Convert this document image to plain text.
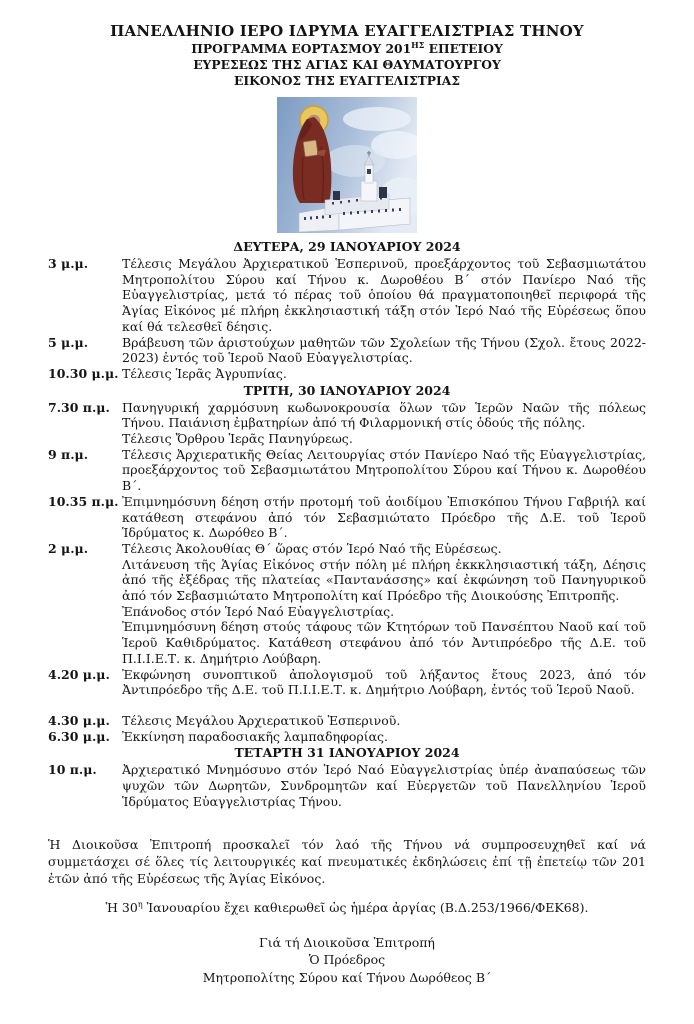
ΠΑΝΕΛΛΗΝΙΟ ΙΕΡΟ ΙΔΡΥΜΑ ΕΥΑΓΓΕΛΙΣΤΡΙΑΣ ΤΗΝΟΥ
ΠΡΟΓΡΑΜΜΑ ΕΟΡΤΑΣΜΟΥ $201^{H\Sigma}$ ΕΠΕΤΕΙΟΥ
ΕΥΡΕΣΕΩΣ ΤΗΣ ΑΓΙΑΣ ΚΑΙ ΘΑΥΜΑΤΟΥΡΓΟΥ
ΕΙΚΟΝΟΣ ΤΗΣ ΕΥΑΓΓΕΛΙΣΤΡΙΑΣ
ΔΕΥΤΕΡΑ, 29 ΙΑΝΟΥΑΡΙΟΥ 2024
3 μ.μ.	Τέλεσις Μεγάλου Ἀρχιερατικοῦ Ἑσπερινοῦ, προεξάρχοντος τοῦ Σεβασμιωτάτου Μητροπολίτου Σύρου καί Τήνου κ. Δωροθέου Β´ στόν Πανίερο Ναό τῆς Εὐαγγελιστρίας, μετά τό πέρας τοῦ ὁποίου θά πραγματοποιηθεῖ περιφορά τῆς Ἁγίας Εἰκόνος μέ πλήρη ἐκκλησιαστική τάξη στόν Ἱερό Ναό τῆς Εὑρέσεως ὅπου καί θά τελεσθεῖ δέησις.

5 μ.μ.	Βράβευση τῶν ἀριστούχων μαθητῶν τῶν Σχολείων τῆς Τήνου (Σχολ. ἔτους 2022-2023) ἐντός τοῦ Ἱεροῦ Ναοῦ Εὐαγγελιστρίας.

10.30 μ.μ. Τέλεσις Ἱερᾶς Ἀγρυπνίας.

ΤΡΙΤΗ, 30 ΙΑΝΟΥΑΡΙΟΥ 2024
7.30 π.μ. Πανηγυρική χαρμόσυνη κωδωνοκρουσία ὅλων τῶν Ἱερῶν Ναῶν τῆς πόλεως Τήνου. Παιάνιση ἐμβατηρίων ἀπό τή Φιλαρμονική στίς ὁδούς τῆς πόλης.

Τέλεσις Ὄρθρου Ἱερᾶς Πανηγύρεως.

9 π.μ.	Τέλεσις Ἀρχιερατικῆς Θείας Λειτουργίας στόν Πανίερο Ναό τῆς Εὐαγγελιστρίας, προεξάρχοντος τοῦ Σεβασμιωτάτου Μητροπολίτου Σύρου καί Τήνου κ. Δωροθέου Β´.

10.35 π.μ. Ἐπιμνημόσυνη δέηση στήν προτομή τοῦ ἀοιδίμου Ἐπισκόπου Τήνου Γαβριήλ καί κατάθεση στεφάνου ἀπό τόν Σεβασμιώτατο Πρόεδρο τῆς Δ.Ε. τοῦ Ἱεροῦ Ἱδρύματος κ. Δωρόθεο Β´.

2 μ.μ.	Τέλεσις Ἀκολουθίας Θ´ ὥρας στόν Ἱερό Ναό τῆς Εὑρέσεως.

Λιτάνευση τῆς Ἁγίας Εἰκόνος στήν πόλη μέ πλήρη ἐκκκλησιαστική τάξη, Δέησις ἀπό τῆς ἐξέδρας τῆς πλατείας «Παντανάσσης» καί ἐκφώνηση τοῦ Πανηγυρικοῦ ἀπό τόν Σεβασμιώτατο Μητροπολίτη καί Πρόεδρο τῆς Διοικούσης Ἐπιτροπῆς.

Ἐπάνοδος στόν Ἱερό Ναό Εὐαγγελιστρίας.

Ἐπιμνημόσυνη δέηση στούς τάφους τῶν Κτητόρων τοῦ Πανσέπτου Ναοῦ καί τοῦ Ἱεροῦ Καθιδρύματος. Κατάθεση στεφάνου ἀπό τόν Ἀντιπρόεδρο τῆς Δ.Ε. τοῦ Π.Ι.Ι.Ε.Τ. κ. Δημήτριο Λούβαρη.

4.20 μ.μ. Ἐκφώνηση συνοπτικοῦ ἀπολογισμοῦ τοῦ λήξαντος ἔτους 2023, ἀπό τόν Ἀντιπρόεδρο τῆς Δ.Ε. τοῦ Π.Ι.Ι.Ε.Τ. κ. Δημήτριο Λούβαρη, ἐντός τοῦ Ἱεροῦ Ναοῦ.

4.30 μ.μ. Τέλεσις Μεγάλου Ἀρχιερατικοῦ Ἑσπερινοῦ.

6.30 μ.μ. Ἐκκίνηση παραδοσιακῆς λαμπαδηφορίας.

ΤΕΤΑΡΤΗ 31 ΙΑΝΟΥΑΡΙΟΥ 2024
10 π.μ.	Ἀρχιερατικό Μνημόσυνο στόν Ἱερό Ναό Εὐαγγελιστρίας ὑπέρ ἀναπαύσεως τῶν ψυχῶν τῶν Δωρητῶν, Συνδρομητῶν καί Εὐεργετῶν τοῦ Πανελληνίου Ἱεροῦ Ἱδρύματος Εὐαγγελιστρίας Τήνου.

Ἡ Διοικοῦσα Ἐπιτροπή προσκαλεῖ τόν λαό τῆς Τήνου νά συμπροσευχηθεῖ καί νά συμμετάσχει σέ ὅλες τίς λειτουργικές καί πνευματικές ἐκδηλώσεις ἐπί τῇ ἐπετείῳ τῶν 201 ἐτῶν ἀπό τῆς Εὑρέσεως τῆς Ἁγίας Εἰκόνος.

Ἡ $30^\eta$ Ἰανουαρίου ἔχει καθιερωθεῖ ὡς ἡμέρα ἀργίας (Β.Δ.253/1966/ΦΕΚ68).
Γιά τή Διοικοῦσα Ἐπιτροπή
Ὁ Πρόεδρος
Μητροπολίτης Σύρου καί Τήνου Δωρόθεος Β´
